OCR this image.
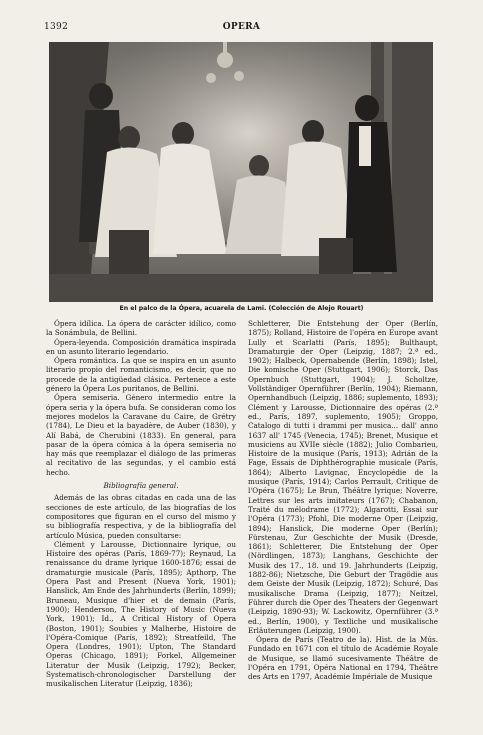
1392	OPERA
En el palco de la Ópera, acuarela de Lami. (Colección de Alejo Rouart)

Ópera idílica. La ópera de carácter idílico, como la Sonámbula, de Bellini.

Ópera-leyenda. Composición dramática inspirada en un asunto literario legendario.

Ópera romántica. La que se inspira en un asunto literario propio del romanticismo, es decir, que no procede de la antigüedad clásica. Pertenece a este género la Ópera Los puritanos, de Bellini.

Ópera semiseria. Género intermedio entre la ópera seria y la ópera bufa. Se consideran como los mejores modelos la Caravane du Caire, de Grétry (1784), Le Dieu et la bayadère, de Auber (1830), y Alí Babá, de Cherubini (1833). En general, para pasar de la ópera cómica á la ópera semiseria no hay más que reemplazar el diálogo de las primeras al recitativo de las segundas, y el cambio está hecho.

Bibliografía general.

Además de las obras citadas en cada una de las secciones de este artículo, de las biografías de los compositores que figuran en el curso del mismo y su bibliografía respectiva, y de la bibliografía del artículo Música, pueden consultarse:

Clément y Larousse, Dictionnaire lyrique, ou Histoire des opéras (París, 1869-77); Reynaud, La renaissance du drame lyrique 1600-1876; essai de dramaturgie musicale (París, 1895); Apthorp, The Opera Past and Present (Nueva York, 1901); Hanslick, Am Ende des Jahrhunderts (Berlín, 1899); Bruneau, Musique d'hier et de demain (París, 1900); Henderson, The History of Music (Nueva York, 1901); Id., A Critical History of Opera (Boston, 1901); Soubies y Malherbe, Histoire de l'Opéra-Comique (París, 1892); Streatfeild, The Opera (Londres, 1901); Upton, The Standard Operas (Chicago, 1891); Forkel, Allgemeiner Literatur der Musik (Leipzig, 1792); Becker, Systematisch-chronologischer Darstellung der musikalischen Literatur (Leipzig, 1836);

Schletterer, Die Entstehung der Oper (Berlín, 1875); Rolland, Histoire de l'opéra en Europe avant Lully et Scarlatti (París, 1895); Bulthaupt, Dramaturgie der Oper (Leipzig, 1887; 2.ª ed., 1902); Halbeck, Opernabende (Berlín, 1898); Istel, Die komische Oper (Stuttgart, 1906); Storck, Das Opernbuch (Stuttgart, 1904); J. Scholtze, Vollständiger Opernführer (Berlín, 1904); Riemann, Opernhandbuch (Leipzig, 1886; suplemento, 1893); Clément y Larousse, Dictionnaire des opéras (2.ª ed., París, 1897, suplemento, 1905); Groppo, Catalogo di tutti i drammi per musica... dall' anno 1637 all' 1745 (Venecia, 1745); Brenet, Musique et musiciens au XVIIe siècle (1882); Julio Combarieu, Histoire de la musique (París, 1913); Adrián de la Fage, Essais de Diphthérographie musicale (París, 1864); Alberto Lavignac, Encyclopédie de la musique (París, 1914); Carlos Perrault, Critique de l'Opéra (1675); Le Brun, Théâtre lyrique; Noverre, Lettres sur les arts imitateurs (1767); Chabanon, Traité du mélodrame (1772); Algarotti, Essai sur l'Opéra (1773); Pfohl, Die moderne Oper (Leipzig, 1894); Hanslick, Die moderne Oper (Berlín); Fürstenau, Zur Geschichte der Musik (Dresde, 1861); Schletterer, Die Entstehung der Oper (Nördlingen, 1873); Langhans, Geschichte der Musik des 17., 18. und 19. Jahrhunderts (Leipzig, 1882-86); Nietzsche, Die Geburt der Tragödie aus dem Geiste der Musik (Leipzig, 1872); Schuré, Das musikalische Drama (Leipzig, 1877); Neitzel, Führer durch die Oper des Theaters der Gegenwart (Leipzig, 1890-93); W. Lackowitz, Opernführer (3.ª ed., Berlín, 1900), y Textliche und musikalische Erläuterungen (Leipzig, 1900).

Ópera de París (Teatro de la). Hist. de la Mús. Fundado en 1671 con el título de Académie Royale de Musique, se llamó sucesivamente Théâtre de l'Opéra en 1791, Opéra National en 1794, Théâtre des Arts en 1797, Académie Impériale de Musique
